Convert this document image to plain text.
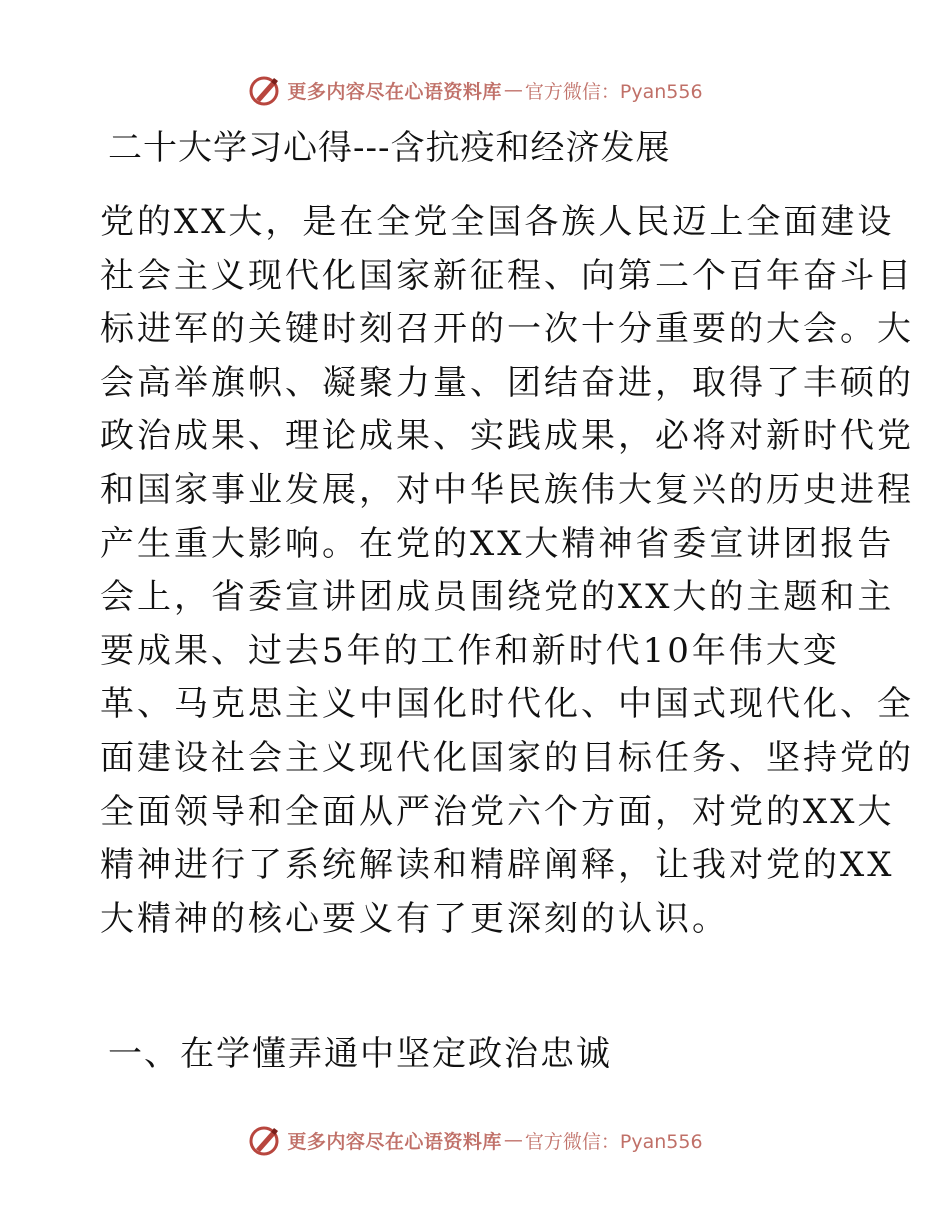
更多内容尽在心语资料库 — 官方微信：Pyan556
二十大学习心得---含抗疫和经济发展
党的XX大，是在全党全国各族人民迈上全面建设
社会主义现代化国家新征程、向第二个百年奋斗目
标进军的关键时刻召开的一次十分重要的大会。大
会高举旗帜、凝聚力量、团结奋进，取得了丰硕的
政治成果、理论成果、实践成果，必将对新时代党
和国家事业发展，对中华民族伟大复兴的历史进程
产生重大影响。在党的XX大精神省委宣讲团报告
会上，省委宣讲团成员围绕党的XX大的主题和主
要成果、过去5年的工作和新时代10年伟大变
革、马克思主义中国化时代化、中国式现代化、全
面建设社会主义现代化国家的目标任务、坚持党的
全面领导和全面从严治党六个方面，对党的XX大
精神进行了系统解读和精辟阐释，让我对党的XX
大精神的核心要义有了更深刻的认识。
一、在学懂弄通中坚定政治忠诚
更多内容尽在心语资料库 — 官方微信：Pyan556
